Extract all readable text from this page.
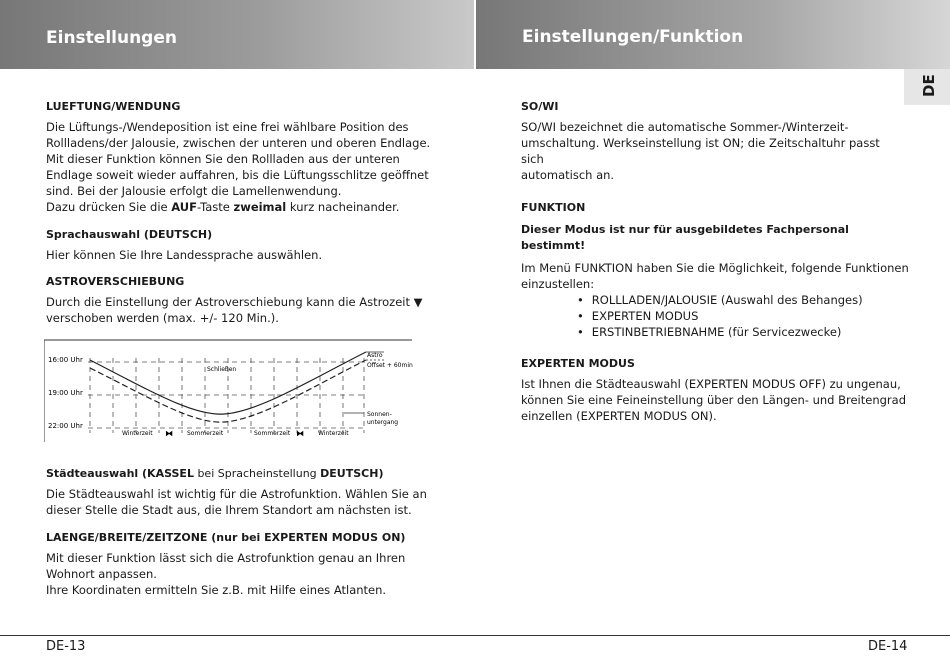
Einstellungen	Einstellungen/Funktion
DE

LUEFTUNG/WENDUNG

Die Lüftungs-/Wendeposition ist eine frei wählbare Position des

Rollladens/der Jalousie, zwischen der unteren und oberen Endlage.

Mit dieser Funktion können Sie den Rollladen aus der unteren

Endlage soweit wieder auffahren, bis die Lüftungsschlitze geöffnet

sind. Bei der Jalousie erfolgt die Lamellenwendung.

Dazu drücken Sie die AUF-Taste zweimal kurz nacheinander.

Sprachauswahl (DEUTSCH)

Hier können Sie Ihre Landessprache auswählen.

ASTROVERSCHIEBUNG

Durch die Einstellung der Astroverschiebung kann die Astrozeit ▼

verschoben werden (max. +/- 120 Min.).

16:00 Uhr
19:00 Uhr
22:00 Uhr
Schließen
Astro
Offset + 60min
Sonnen-
untergang
Winterzeit ⧓ Sommerzeit	Sommerzeit ⧓ Winterzeit

Städteauswahl (KASSEL bei Spracheinstellung DEUTSCH)

Die Städteauswahl ist wichtig für die Astrofunktion. Wählen Sie an

dieser Stelle die Stadt aus, die Ihrem Standort am nächsten ist.

LAENGE/BREITE/ZEITZONE (nur bei EXPERTEN MODUS ON)

Mit dieser Funktion lässt sich die Astrofunktion genau an Ihren

Wohnort anpassen.

Ihre Koordinaten ermitteln Sie z.B. mit Hilfe eines Atlanten.

SO/WI

SO/WI bezeichnet die automatische Sommer-/Winterzeit-

umschaltung. Werkseinstellung ist ON; die Zeitschaltuhr passt sich

automatisch an.

FUNKTION

Dieser Modus ist nur für ausgebildetes Fachpersonal bestimmt!

Im Menü FUNKTION haben Sie die Möglichkeit, folgende Funktionen

einzustellen:

• ROLLLADEN/JALOUSIE (Auswahl des Behanges)
• EXPERTEN MODUS
• ERSTINBETRIEBNAHME (für Servicezwecke)

EXPERTEN MODUS

Ist Ihnen die Städteauswahl (EXPERTEN MODUS OFF) zu ungenau,

können Sie eine Feineinstellung über den Längen- und Breitengrad

einzellen (EXPERTEN MODUS ON).

DE-13	DE-14
